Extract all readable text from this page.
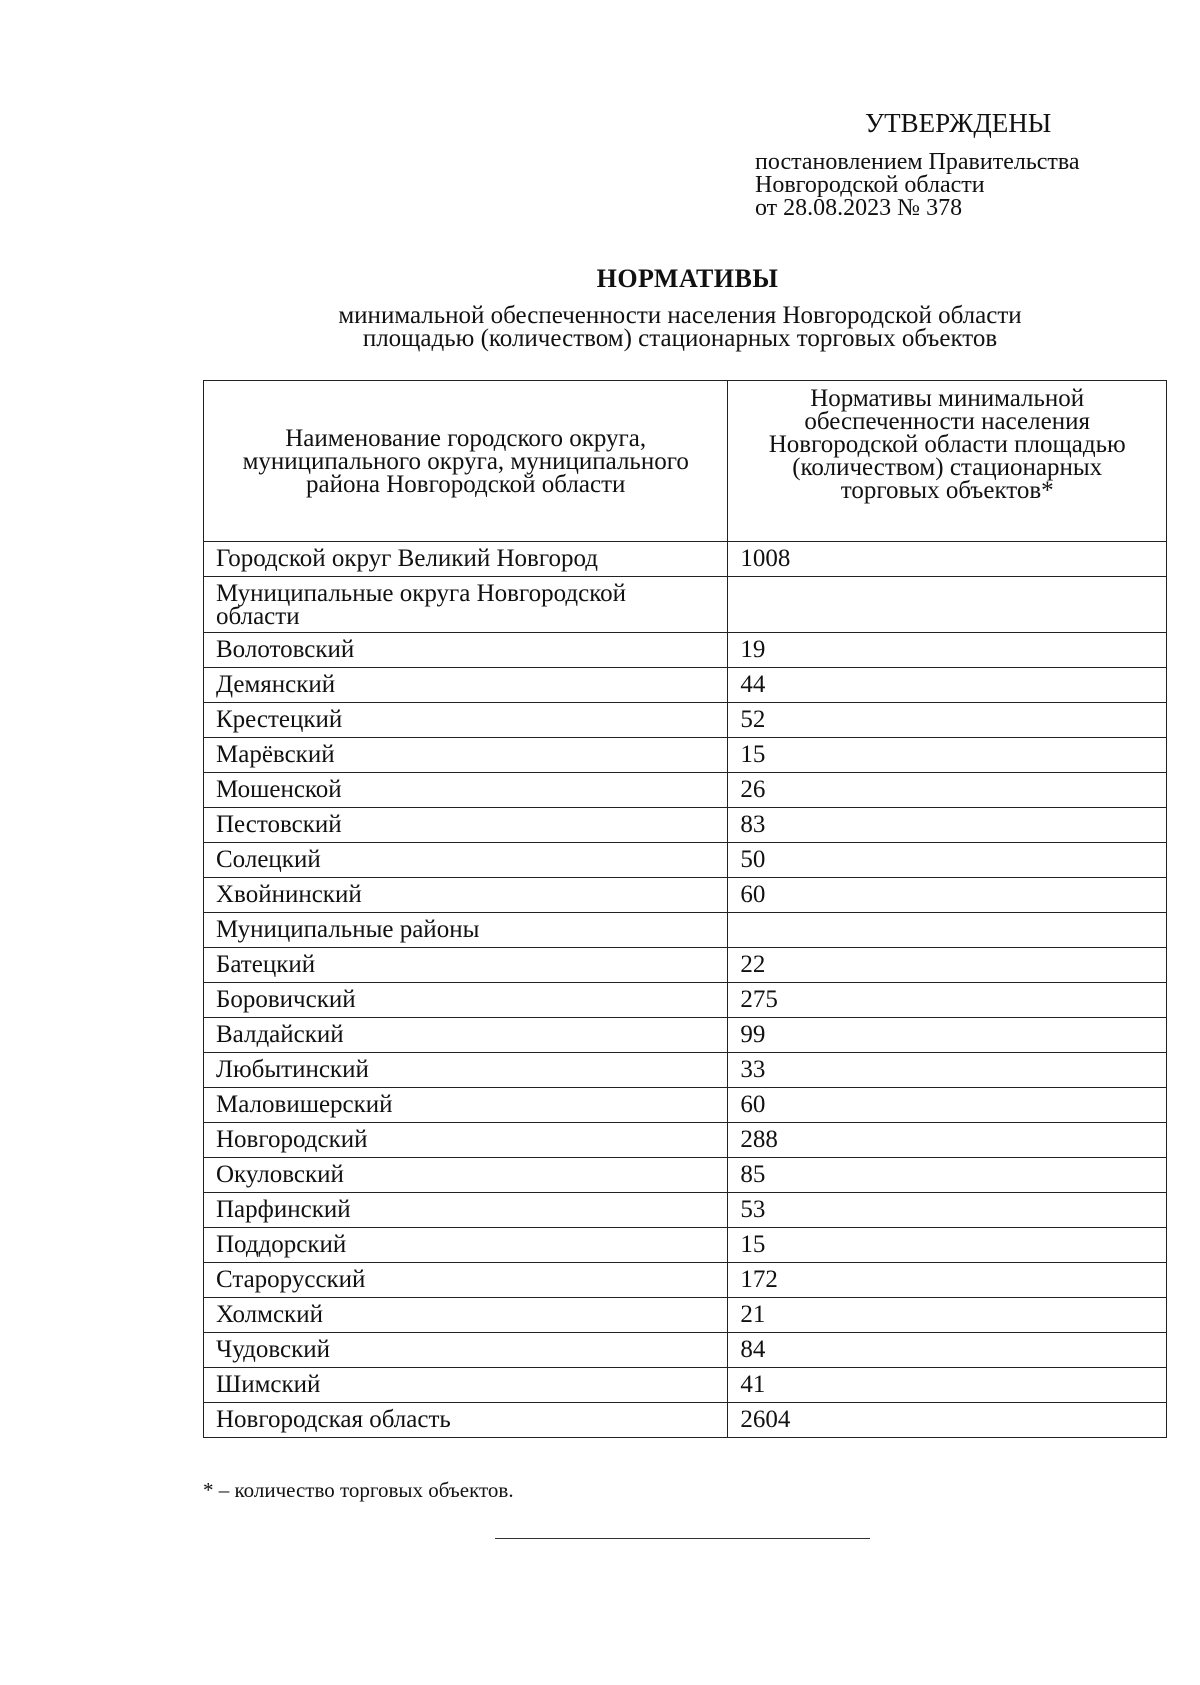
УТВЕРЖДЕНЫ
постановлением Правительства
Новгородской области
от 28.08.2023 № 378
НОРМАТИВЫ
минимальной обеспеченности населения Новгородской области
площадью (количеством) стационарных торговых объектов
Наименование городского округа, муниципального округа, муниципального района Новгородской области	Нормативы минимальной обеспеченности населения Новгородской области площадью (количеством) стационарных торговых объектов*
Городской округ Великий Новгород	1008
Муниципальные округа Новгородской области	
Волотовский	19
Демянский	44
Крестецкий	52
Марёвский	15
Мошенской	26
Пестовский	83
Солецкий	50
Хвойнинский	60
Муниципальные районы	
Батецкий	22
Боровичский	275
Валдайский	99
Любытинский	33
Маловишерский	60
Новгородский	288
Окуловский	85
Парфинский	53
Поддорский	15
Старорусский	172
Холмский	21
Чудовский	84
Шимский	41
Новгородская область	2604
* – количество торговых объектов.
